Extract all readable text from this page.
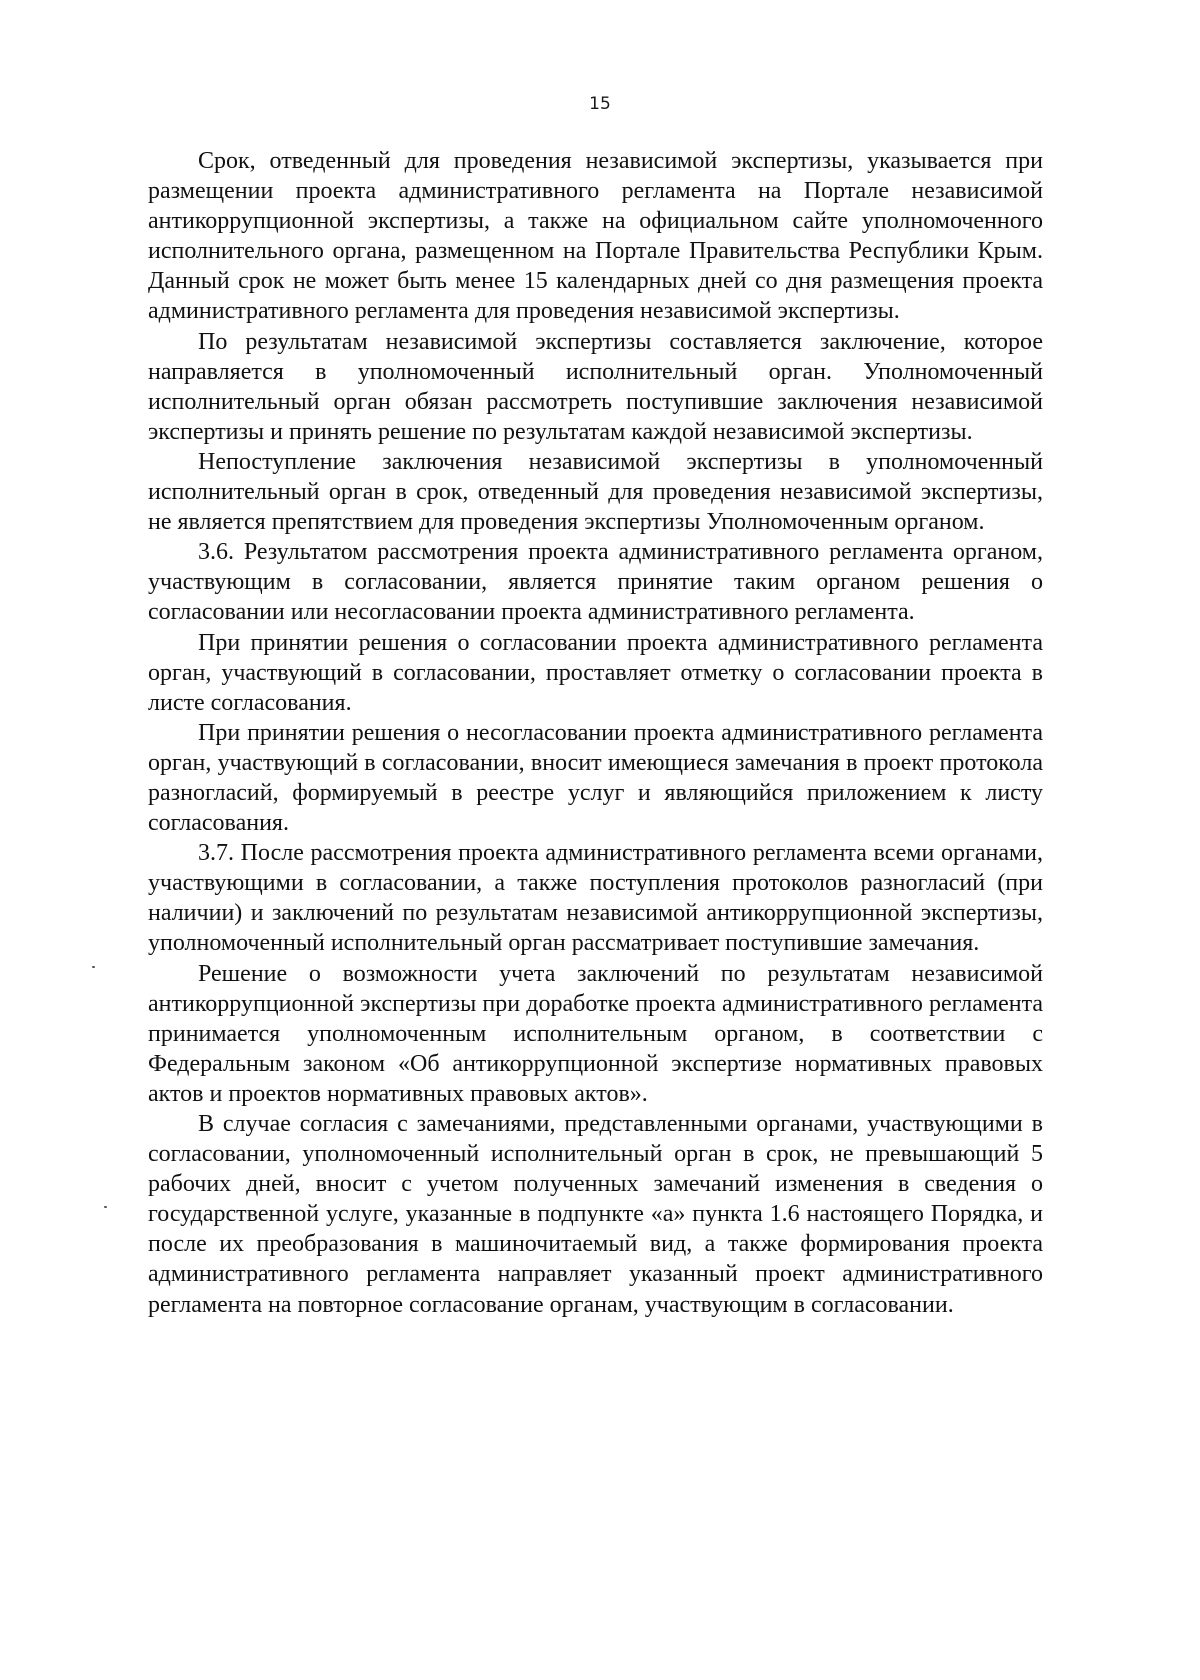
15

Срок, отведенный для проведения независимой экспертизы, указывается при размещении проекта административного регламента на Портале независимой антикоррупционной экспертизы, а также на официальном сайте уполномоченного исполнительного органа, размещенном на Портале Правительства Республики Крым. Данный срок не может быть менее 15 календарных дней со дня размещения проекта административного регламента для проведения независимой экспертизы.

По результатам независимой экспертизы составляется заключение, которое направляется в уполномоченный исполнительный орган. Уполномоченный исполнительный орган обязан рассмотреть поступившие заключения независимой экспертизы и принять решение по результатам каждой независимой экспертизы.

Непоступление заключения независимой экспертизы в уполномоченный исполнительный орган в срок, отведенный для проведения независимой экспертизы, не является препятствием для проведения экспертизы Уполномоченным органом.

3.6. Результатом рассмотрения проекта административного регламента органом, участвующим в согласовании, является принятие таким органом решения о согласовании или несогласовании проекта административного регламента.

При принятии решения о согласовании проекта административного регламента орган, участвующий в согласовании, проставляет отметку о согласовании проекта в листе согласования.

При принятии решения о несогласовании проекта административного регламента орган, участвующий в согласовании, вносит имеющиеся замечания в проект протокола разногласий, формируемый в реестре услуг и являющийся приложением к листу согласования.

3.7. После рассмотрения проекта административного регламента всеми органами, участвующими в согласовании, а также поступления протоколов разногласий (при наличии) и заключений по результатам независимой антикоррупционной экспертизы, уполномоченный исполнительный орган рассматривает поступившие замечания.

Решение о возможности учета заключений по результатам независимой антикоррупционной экспертизы при доработке проекта административного регламента принимается уполномоченным исполнительным органом, в соответствии с Федеральным законом «Об антикоррупционной экспертизе нормативных правовых актов и проектов нормативных правовых актов».

В случае согласия с замечаниями, представленными органами, участвующими в согласовании, уполномоченный исполнительный орган в срок, не превышающий 5 рабочих дней, вносит с учетом полученных замечаний изменения в сведения о государственной услуге, указанные в подпункте «а» пункта 1.6 настоящего Порядка, и после их преобразования в машиночитаемый вид, а также формирования проекта административного регламента направляет указанный проект административного регламента на повторное согласование органам, участвующим в согласовании.
